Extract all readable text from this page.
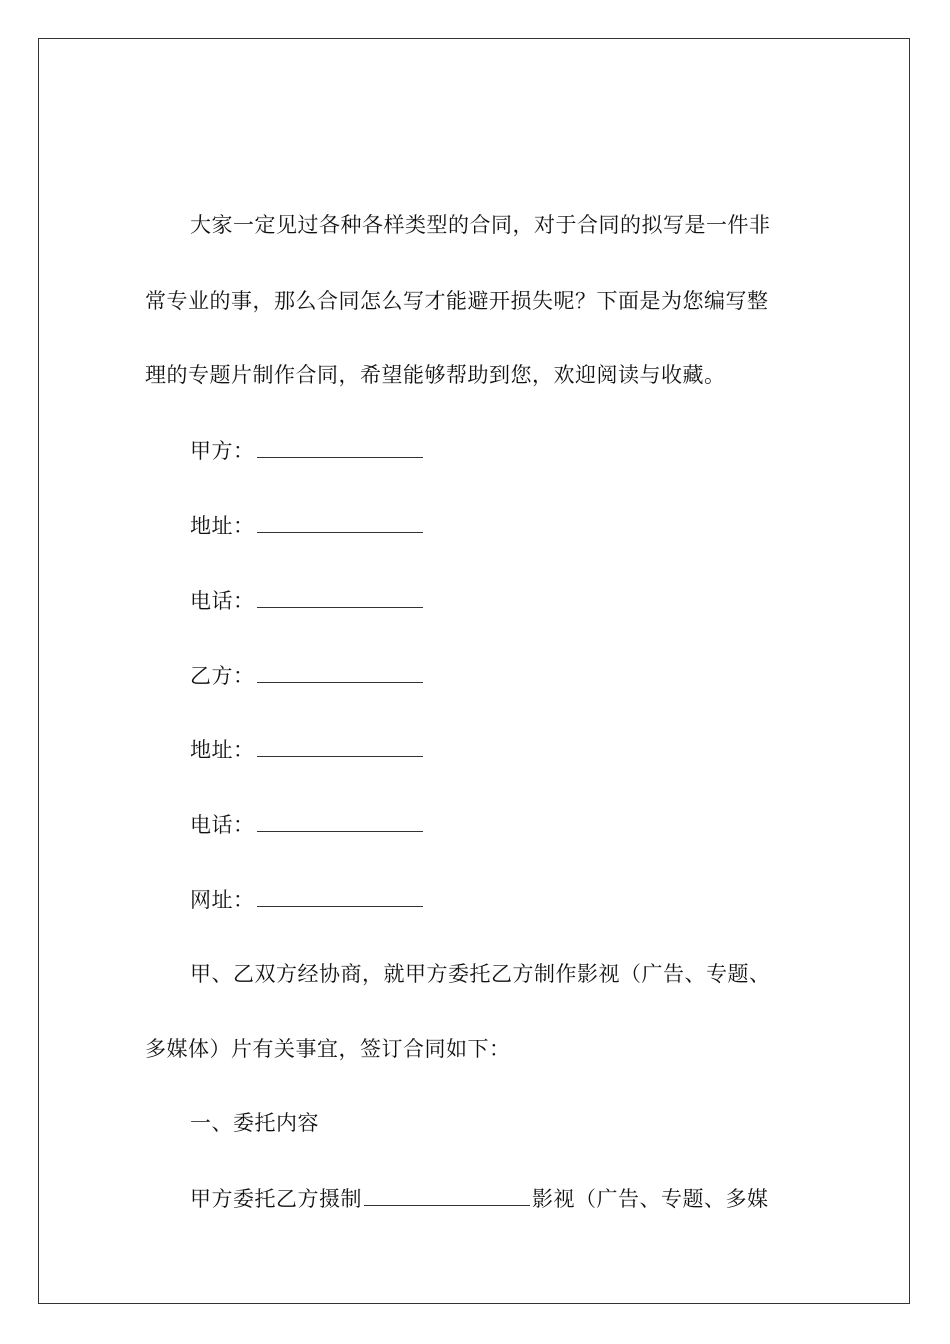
大家一定见过各种各样类型的合同，对于合同的拟写是一件非
常专业的事，那么合同怎么写才能避开损失呢？下面是为您编写整
理的专题片制作合同，希望能够帮助到您，欢迎阅读与收藏。
甲方：
地址：
电话：
乙方：
地址：
电话：
网址：
甲、乙双方经协商，就甲方委托乙方制作影视（广告、专题、
多媒体）片有关事宜，签订合同如下：
一、委托内容
甲方委托乙方摄制	影视（广告、专题、多媒
